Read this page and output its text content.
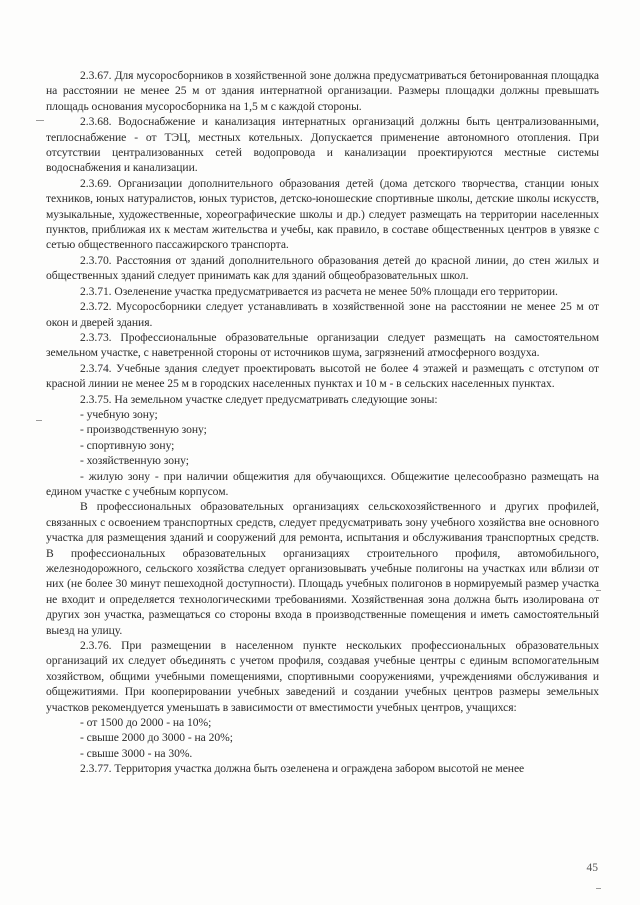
2.3.67. Для мусоросборников в хозяйственной зоне должна предусматриваться бетонированная площадка на расстоянии не менее 25 м от здания интернатной организации. Размеры площадки должны превышать площадь основания мусоросборника на 1,5 м с каждой стороны.

2.3.68. Водоснабжение и канализация интернатных организаций должны быть централизованными, теплоснабжение - от ТЭЦ, местных котельных. Допускается применение автономного отопления. При отсутствии централизованных сетей водопровода и канализации проектируются местные системы водоснабжения и канализации.

2.3.69. Организации дополнительного образования детей (дома детского творчества, станции юных техников, юных натуралистов, юных туристов, детско-юношеские спортивные школы, детские школы искусств, музыкальные, художественные, хореографические школы и др.) следует размещать на территории населенных пунктов, приближая их к местам жительства и учебы, как правило, в составе общественных центров в увязке с сетью общественного пассажирского транспорта.

2.3.70. Расстояния от зданий дополнительного образования детей до красной линии, до стен жилых и общественных зданий следует принимать как для зданий общеобразовательных школ.

2.3.71. Озеленение участка предусматривается из расчета не менее 50% площади его территории.

2.3.72. Мусоросборники следует устанавливать в хозяйственной зоне на расстоянии не менее 25 м от окон и дверей здания.

2.3.73. Профессиональные образовательные организации следует размещать на самостоятельном земельном участке, с наветренной стороны от источников шума, загрязнений атмосферного воздуха.

2.3.74. Учебные здания следует проектировать высотой не более 4 этажей и размещать с отступом от красной линии не менее 25 м в городских населенных пунктах и 10 м - в сельских населенных пунктах.

2.3.75. На земельном участке следует предусматривать следующие зоны:

- учебную зону;

- производственную зону;

- спортивную зону;

- хозяйственную зону;

- жилую зону - при наличии общежития для обучающихся. Общежитие целесообразно размещать на едином участке с учебным корпусом.

В профессиональных образовательных организациях сельскохозяйственного и других профилей, связанных с освоением транспортных средств, следует предусматривать зону учебного хозяйства вне основного участка для размещения зданий и сооружений для ремонта, испытания и обслуживания транспортных средств. В профессиональных образовательных организациях строительного профиля, автомобильного, железнодорожного, сельского хозяйства следует организовывать учебные полигоны на участках или вблизи от них (не более 30 минут пешеходной доступности). Площадь учебных полигонов в нормируемый размер участка не входит и определяется технологическими требованиями. Хозяйственная зона должна быть изолирована от других зон участка, размещаться со стороны входа в производственные помещения и иметь самостоятельный выезд на улицу.

2.3.76. При размещении в населенном пункте нескольких профессиональных образовательных организаций их следует объединять с учетом профиля, создавая учебные центры с единым вспомогательным хозяйством, общими учебными помещениями, спортивными сооружениями, учреждениями обслуживания и общежитиями. При кооперировании учебных заведений и создании учебных центров размеры земельных участков рекомендуется уменьшать в зависимости от вместимости учебных центров, учащихся:

- от 1500 до 2000 - на 10%;

- свыше 2000 до 3000 - на 20%;

- свыше 3000 - на 30%.

2.3.77. Территория участка должна быть озеленена и ограждена забором высотой не менее

45
